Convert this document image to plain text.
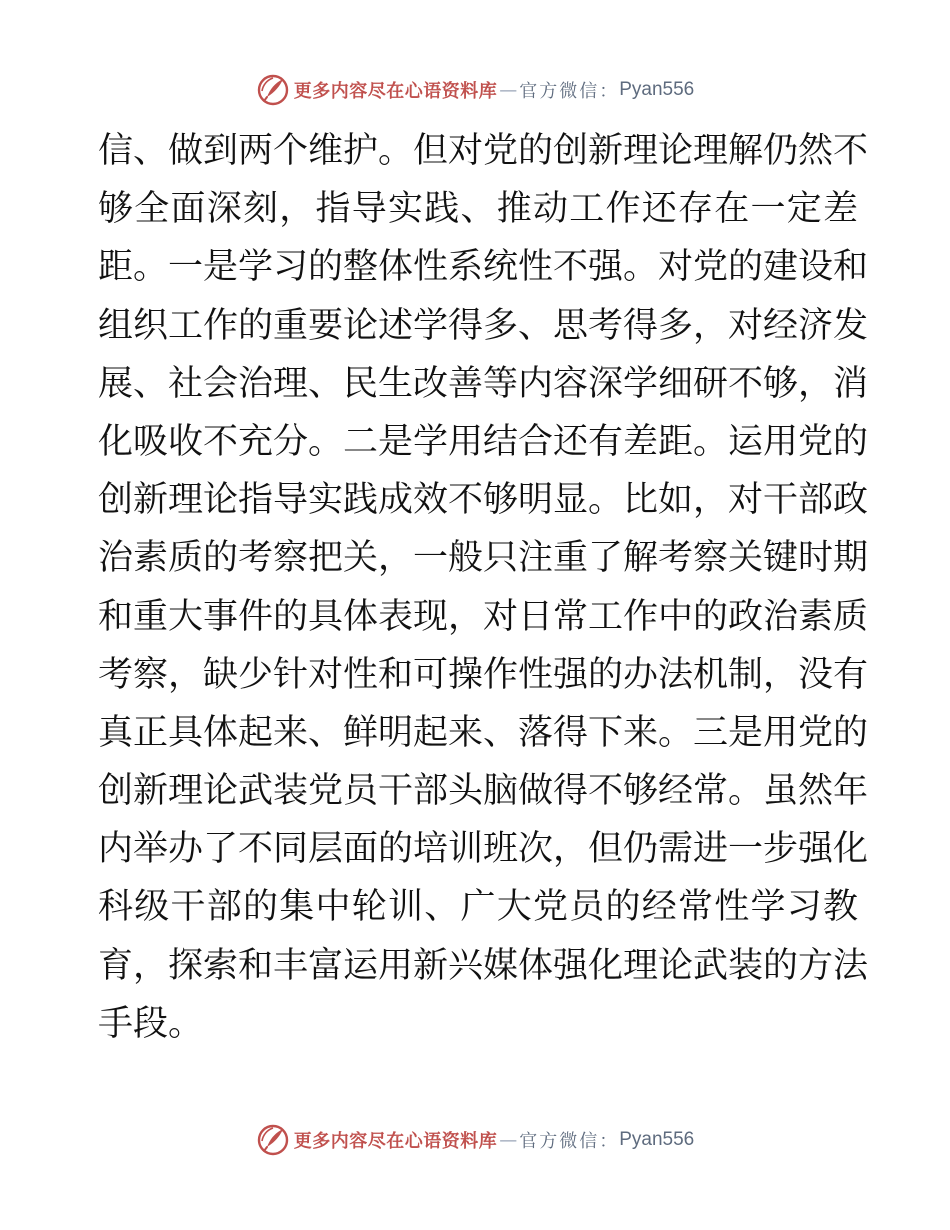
更多内容尽在心语资料库 — 官方微信： Pyan556
信、做到两个维护。但对党的创新理论理解仍然不
够全面深刻，指导实践、推动工作还存在一定差
距。一是学习的整体性系统性不强。对党的建设和
组织工作的重要论述学得多、思考得多，对经济发
展、社会治理、民生改善等内容深学细研不够，消
化吸收不充分。二是学用结合还有差距。运用党的
创新理论指导实践成效不够明显。比如，对干部政
治素质的考察把关，一般只注重了解考察关键时期
和重大事件的具体表现，对日常工作中的政治素质
考察，缺少针对性和可操作性强的办法机制，没有
真正具体起来、鲜明起来、落得下来。三是用党的
创新理论武装党员干部头脑做得不够经常。虽然年
内举办了不同层面的培训班次，但仍需进一步强化
科级干部的集中轮训、广大党员的经常性学习教
育，探索和丰富运用新兴媒体强化理论武装的方法
手段。
更多内容尽在心语资料库 — 官方微信： Pyan556
